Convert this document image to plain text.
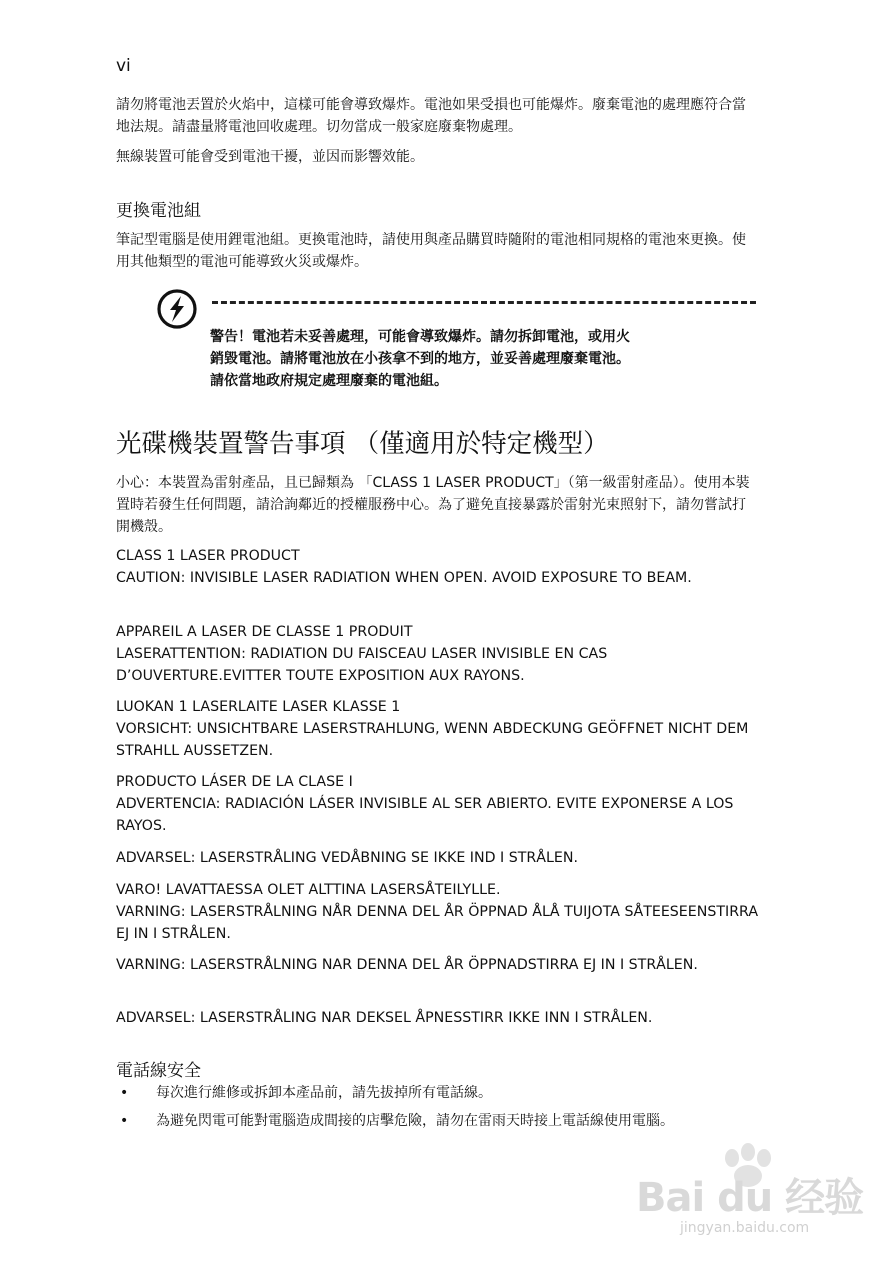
vi

請勿將電池丟置於火焰中，這樣可能會導致爆炸。電池如果受損也可能爆炸。廢棄電池的處理應符合當地法規。請盡量將電池回收處理。切勿當成一般家庭廢棄物處理。

無線裝置可能會受到電池干擾，並因而影響效能。

更換電池組

筆記型電腦是使用鋰電池組。更換電池時，請使用與產品購買時隨附的電池相同規格的電池來更換。使用其他類型的電池可能導致火災或爆炸。

警告！電池若未妥善處理，可能會導致爆炸。請勿拆卸電池，或用火
銷毀電池。請將電池放在小孩拿不到的地方，並妥善處理廢棄電池。
請依當地政府規定處理廢棄的電池組。
光碟機裝置警告事項 （僅適用於特定機型）

小心：本裝置為雷射產品，且已歸類為 「CLASS 1 LASER PRODUCT」（第一級雷射產品）。使用本裝置時若發生任何問題，請洽詢鄰近的授權服務中心。為了避免直接暴露於雷射光束照射下，請勿嘗試打開機殼。

CLASS 1 LASER PRODUCT
CAUTION: INVISIBLE LASER RADIATION WHEN OPEN. AVOID EXPOSURE TO BEAM.
APPAREIL A LASER DE CLASSE 1 PRODUIT
LASERATTENTION: RADIATION DU FAISCEAU LASER INVISIBLE EN CAS D’OUVERTURE.EVITTER TOUTE EXPOSITION AUX RAYONS.
LUOKAN 1 LASERLAITE LASER KLASSE 1
VORSICHT: UNSICHTBARE LASERSTRAHLUNG, WENN ABDECKUNG GEÖFFNET NICHT DEM STRAHLL AUSSETZEN.
PRODUCTO LÁSER DE LA CLASE I
ADVERTENCIA: RADIACIÓN LÁSER INVISIBLE AL SER ABIERTO. EVITE EXPONERSE A LOS RAYOS.
ADVARSEL: LASERSTRÅLING VEDÅBNING SE IKKE IND I STRÅLEN.
VARO! LAVATTAESSA OLET ALTTINA LASERSÅTEILYLLE.
VARNING: LASERSTRÅLNING NÅR DENNA DEL ÅR ÖPPNAD ÅLÅ TUIJOTA SÅTEESEENSTIRRA EJ IN I STRÅLEN.
VARNING: LASERSTRÅLNING NAR DENNA DEL ÅR ÖPPNADSTIRRA EJ IN I STRÅLEN.
ADVARSEL: LASERSTRÅLING NAR DEKSEL ÅPNESSTIRR IKKE INN I STRÅLEN.
電話線安全
• 每次進行維修或拆卸本產品前，請先拔掉所有電話線。
• 為避免閃電可能對電腦造成間接的店擊危險，請勿在雷雨天時接上電話線使用電腦。
Bai du 经验
jingyan.baidu.com
